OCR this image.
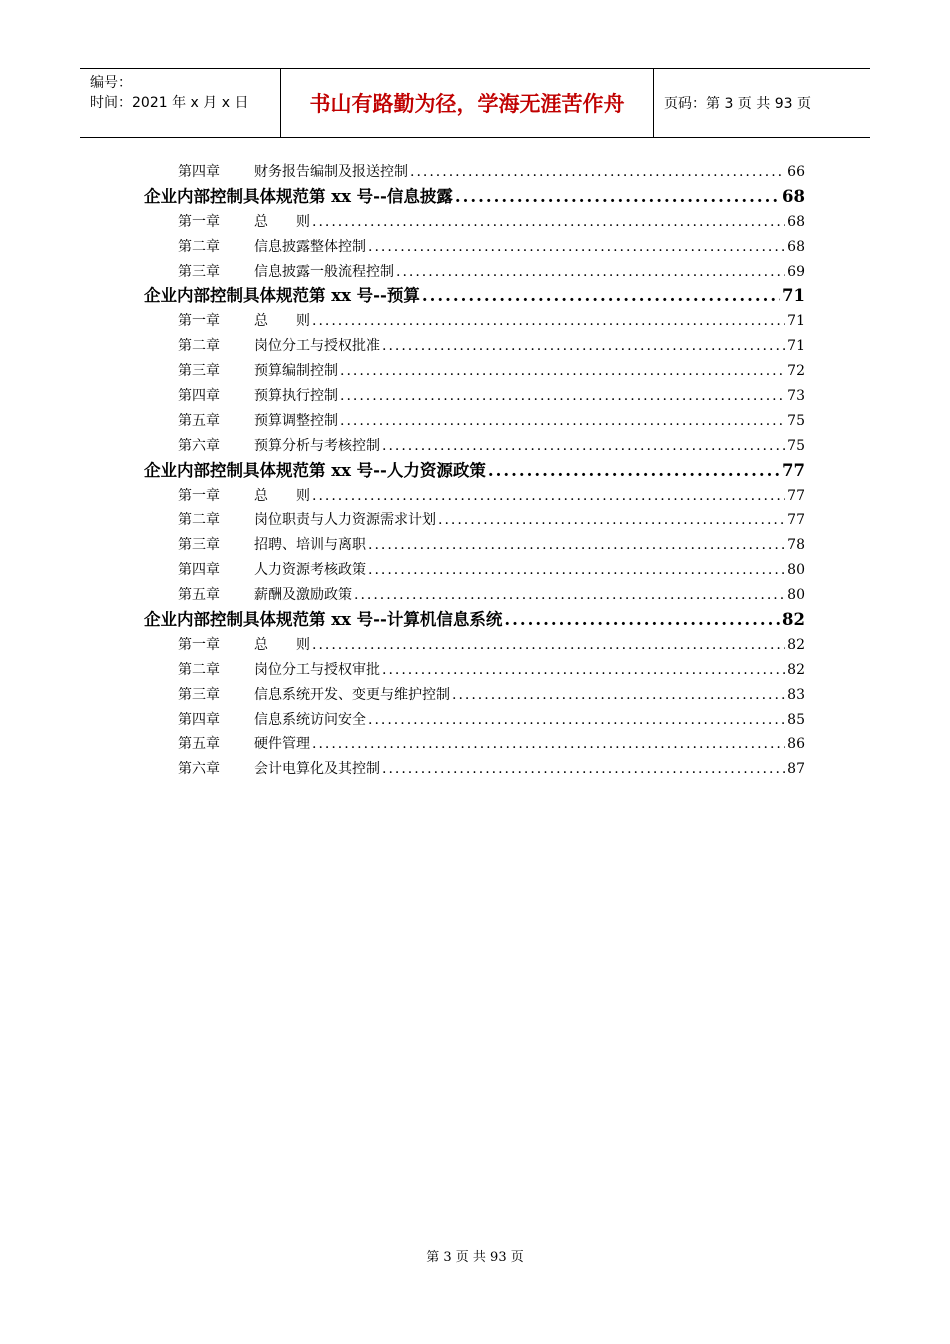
编号：
时间：2021 年 x 月 x 日	书山有路勤为径，学海无涯苦作舟	页码：第 3 页 共 93 页
第四章 财务报告编制及报送控制 .....	66
企业内部控制具体规范第 xx 号--信息披露 .....	68
第一章 总　　则 .....	68
第二章 信息披露整体控制 .....	68
第三章 信息披露一般流程控制 .....	69
企业内部控制具体规范第 xx 号--预算 .....	71
第一章 总　　则 .....	71
第二章 岗位分工与授权批准 .....	71
第三章 预算编制控制 .....	72
第四章 预算执行控制 .....	73
第五章 预算调整控制 .....	75
第六章 预算分析与考核控制 .....	75
企业内部控制具体规范第 xx 号--人力资源政策 .....	77
第一章 总　　则 .....	77
第二章 岗位职责与人力资源需求计划 .....	77
第三章 招聘、培训与离职 .....	78
第四章 人力资源考核政策 .....	80
第五章 薪酬及激励政策 .....	80
企业内部控制具体规范第 xx 号--计算机信息系统 .....	82
第一章 总　　则 .....	82
第二章 岗位分工与授权审批 .....	82
第三章 信息系统开发、变更与维护控制 .....	83
第四章 信息系统访问安全 .....	85
第五章 硬件管理 .....	86
第六章 会计电算化及其控制 .....	87
第 3 页 共 93 页
